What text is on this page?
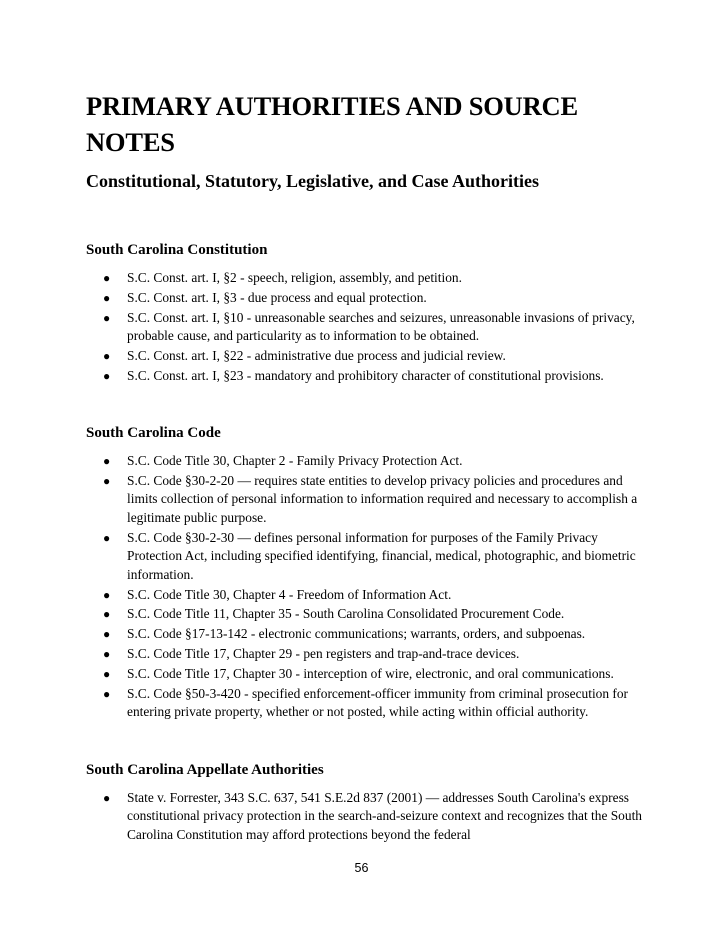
PRIMARY AUTHORITIES AND SOURCE NOTES
Constitutional, Statutory, Legislative, and Case Authorities
South Carolina Constitution
● S.C. Const. art. I, §2 - speech, religion, assembly, and petition.
● S.C. Const. art. I, §3 - due process and equal protection.
● S.C. Const. art. I, §10 - unreasonable searches and seizures, unreasonable invasions of privacy, probable cause, and particularity as to information to be obtained.
● S.C. Const. art. I, §22 - administrative due process and judicial review.
● S.C. Const. art. I, §23 - mandatory and prohibitory character of constitutional provisions.
South Carolina Code
● S.C. Code Title 30, Chapter 2 - Family Privacy Protection Act.
● S.C. Code §30-2-20 — requires state entities to develop privacy policies and procedures and limits collection of personal information to information required and necessary to accomplish a legitimate public purpose.
● S.C. Code §30-2-30 — defines personal information for purposes of the Family Privacy Protection Act, including specified identifying, financial, medical, photographic, and biometric information.
● S.C. Code Title 30, Chapter 4 - Freedom of Information Act.
● S.C. Code Title 11, Chapter 35 - South Carolina Consolidated Procurement Code.
● S.C. Code §17-13-142 - electronic communications; warrants, orders, and subpoenas.
● S.C. Code Title 17, Chapter 29 - pen registers and trap-and-trace devices.
● S.C. Code Title 17, Chapter 30 - interception of wire, electronic, and oral communications.
● S.C. Code §50-3-420 - specified enforcement-officer immunity from criminal prosecution for entering private property, whether or not posted, while acting within official authority.
South Carolina Appellate Authorities
● State v. Forrester, 343 S.C. 637, 541 S.E.2d 837 (2001) — addresses South Carolina's express constitutional privacy protection in the search-and-seizure context and recognizes that the South Carolina Constitution may afford protections beyond the federal
56
